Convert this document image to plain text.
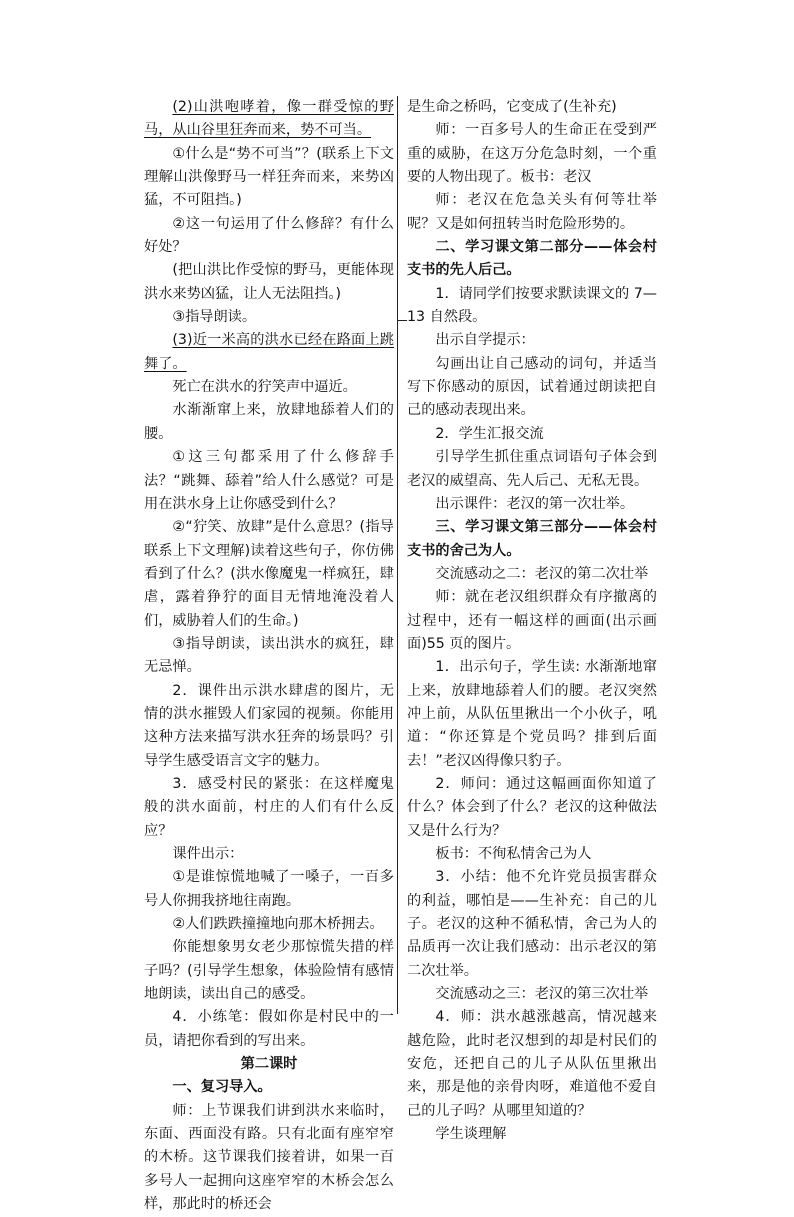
(2)山洪咆哮着，像一群受惊的野马，从山谷里狂奔而来，势不可当。

①什么是“势不可当”？(联系上下文理解山洪像野马一样狂奔而来，来势凶猛，不可阻挡。)

②这一句运用了什么修辞？有什么好处？

(把山洪比作受惊的野马，更能体现洪水来势凶猛，让人无法阻挡。)

③指导朗读。

(3)近一米高的洪水已经在路面上跳舞了。

死亡在洪水的狞笑声中逼近。

水渐渐窜上来，放肆地舔着人们的腰。

①这三句都采用了什么修辞手法？“跳舞、舔着”给人什么感觉？可是用在洪水身上让你感受到什么？

②“狞笑、放肆”是什么意思？(指导联系上下文理解)读着这些句子，你仿佛看到了什么？(洪水像魔鬼一样疯狂，肆虐，露着狰狞的面目无情地淹没着人们，威胁着人们的生命。)

③指导朗读，读出洪水的疯狂，肆无忌惮。

2．课件出示洪水肆虐的图片，无情的洪水摧毁人们家园的视频。你能用这种方法来描写洪水狂奔的场景吗？引导学生感受语言文字的魅力。

3．感受村民的紧张：在这样魔鬼般的洪水面前，村庄的人们有什么反应？

课件出示：

①是谁惊慌地喊了一嗓子，一百多号人你拥我挤地往南跑。

②人们跌跌撞撞地向那木桥拥去。

你能想象男女老少那惊慌失措的样子吗？(引导学生想象，体验险情有感情地朗读，读出自己的感受。

4．小练笔：假如你是村民中的一员，请把你看到的写出来。

第二课时

一、复习导入。

师：上节课我们讲到洪水来临时，东面、西面没有路。只有北面有座窄窄的木桥。这节课我们接着讲，如果一百多号人一起拥向这座窄窄的木桥会怎么样，那此时的桥还会

是生命之桥吗，它变成了(生补充)

师：一百多号人的生命正在受到严重的威胁，在这万分危急时刻，一个重要的人物出现了。板书：老汉

师：老汉在危急关头有何等壮举呢？又是如何扭转当时危险形势的。

二、学习课文第二部分——体会村支书的先人后己。

1．请同学们按要求默读课文的 7—13 自然段。

出示自学提示：

勾画出让自己感动的词句，并适当写下你感动的原因，试着通过朗读把自己的感动表现出来。

2．学生汇报交流

引导学生抓住重点词语句子体会到老汉的威望高、先人后己、无私无畏。

出示课件：老汉的第一次壮举。

三、学习课文第三部分——体会村支书的舍己为人。

交流感动之二：老汉的第二次壮举

师：就在老汉组织群众有序撤离的过程中，还有一幅这样的画面(出示画面)55 页的图片。

1．出示句子，学生读: 水渐渐地窜上来，放肆地舔着人们的腰。老汉突然冲上前，从队伍里揪出一个小伙子，吼道：“你还算是个党员吗？排到后面去！”老汉凶得像只豹子。

2．师问：通过这幅画面你知道了什么？体会到了什么？老汉的这种做法又是什么行为？

板书：不徇私情舍己为人

3．小结：他不允许党员损害群众的利益，哪怕是——生补充：自己的儿子。老汉的这种不循私情，舍己为人的品质再一次让我们感动：出示老汉的第二次壮举。

交流感动之三：老汉的第三次壮举

4．师：洪水越涨越高，情况越来越危险，此时老汉想到的却是村民们的安危，还把自己的儿子从队伍里揪出来，那是他的亲骨肉呀，难道他不爱自己的儿子吗？从哪里知道的？

学生谈理解
